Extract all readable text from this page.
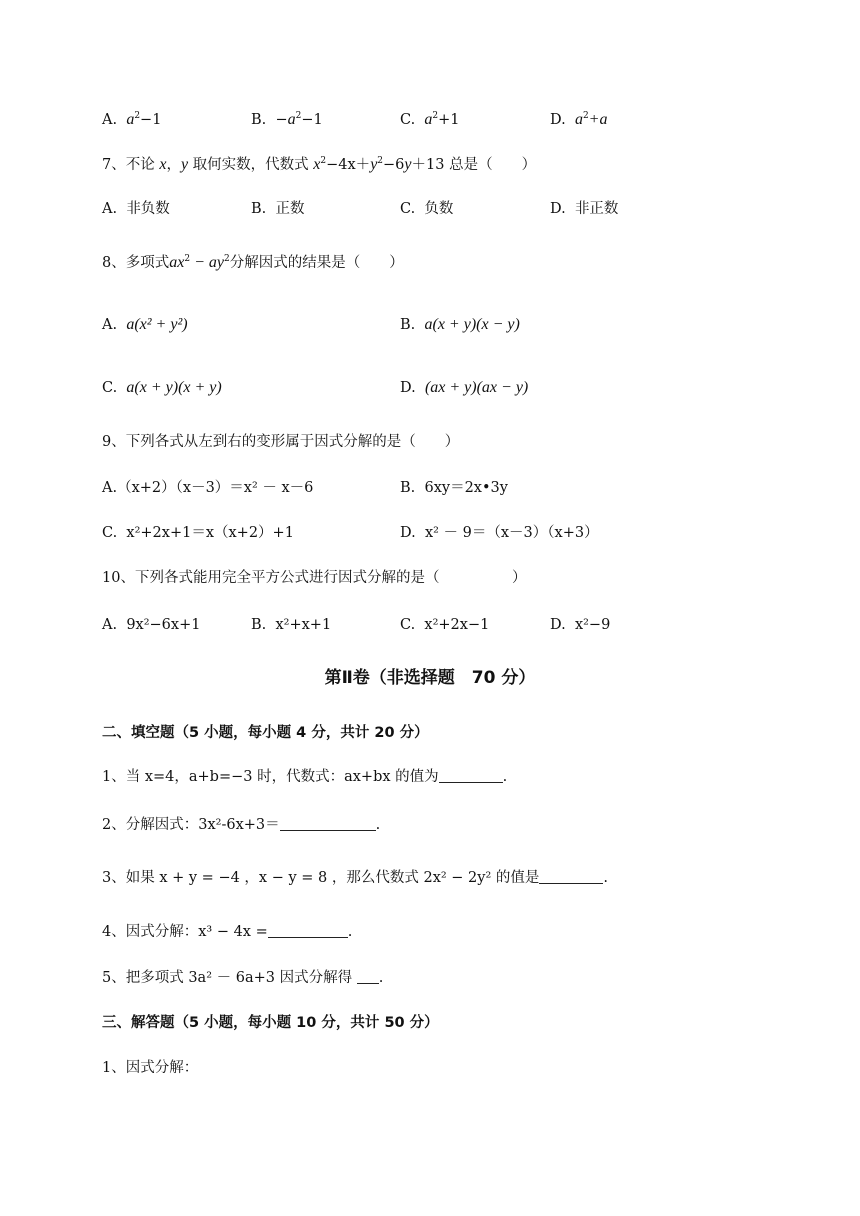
A. $a^2-1$	B. $-a^2-1$	C. $a^2+1$	D. $a^2+a$
7、不论 x，y 取何实数，代数式 $x^2-4x+y^2-6y+13$ 总是（　　）
A. 非负数	B. 正数	C. 负数	D. 非正数
8、多项式$ax^2 - ay^2$分解因式的结果是（　　）
A. a(x² + y²)	B. a(x + y)(x − y)
C. a(x + y)(x + y)	D. (ax + y)(ax − y)
9、下列各式从左到右的变形属于因式分解的是（　　）
A.（x+2）（x－3）＝x² － x－6	B. 6xy＝2x•3y
C. x²+2x+1＝x（x+2）+1	D. x² － 9＝（x－3）（x+3）
10、下列各式能用完全平方公式进行因式分解的是（　　　　　）
A. 9x²−6x+1	B. x²+x+1	C. x²+2x−1	D. x²−9
第Ⅱ卷（非选择题　70 分）
二、填空题（5 小题，每小题 4 分，共计 20 分）
1、当 x=4，a+b=−3 时，代数式：ax+bx 的值为	.
2、分解因式：3x²-6x+3＝	.
3、如果 x + y = −4 ，x − y = 8 ，那么代数式 2x² − 2y² 的值是	.
4、因式分解：x³ − 4x =	.
5、把多项式 3a² － 6a+3 因式分解得 .
三、解答题（5 小题，每小题 10 分，共计 50 分）
1、因式分解：
